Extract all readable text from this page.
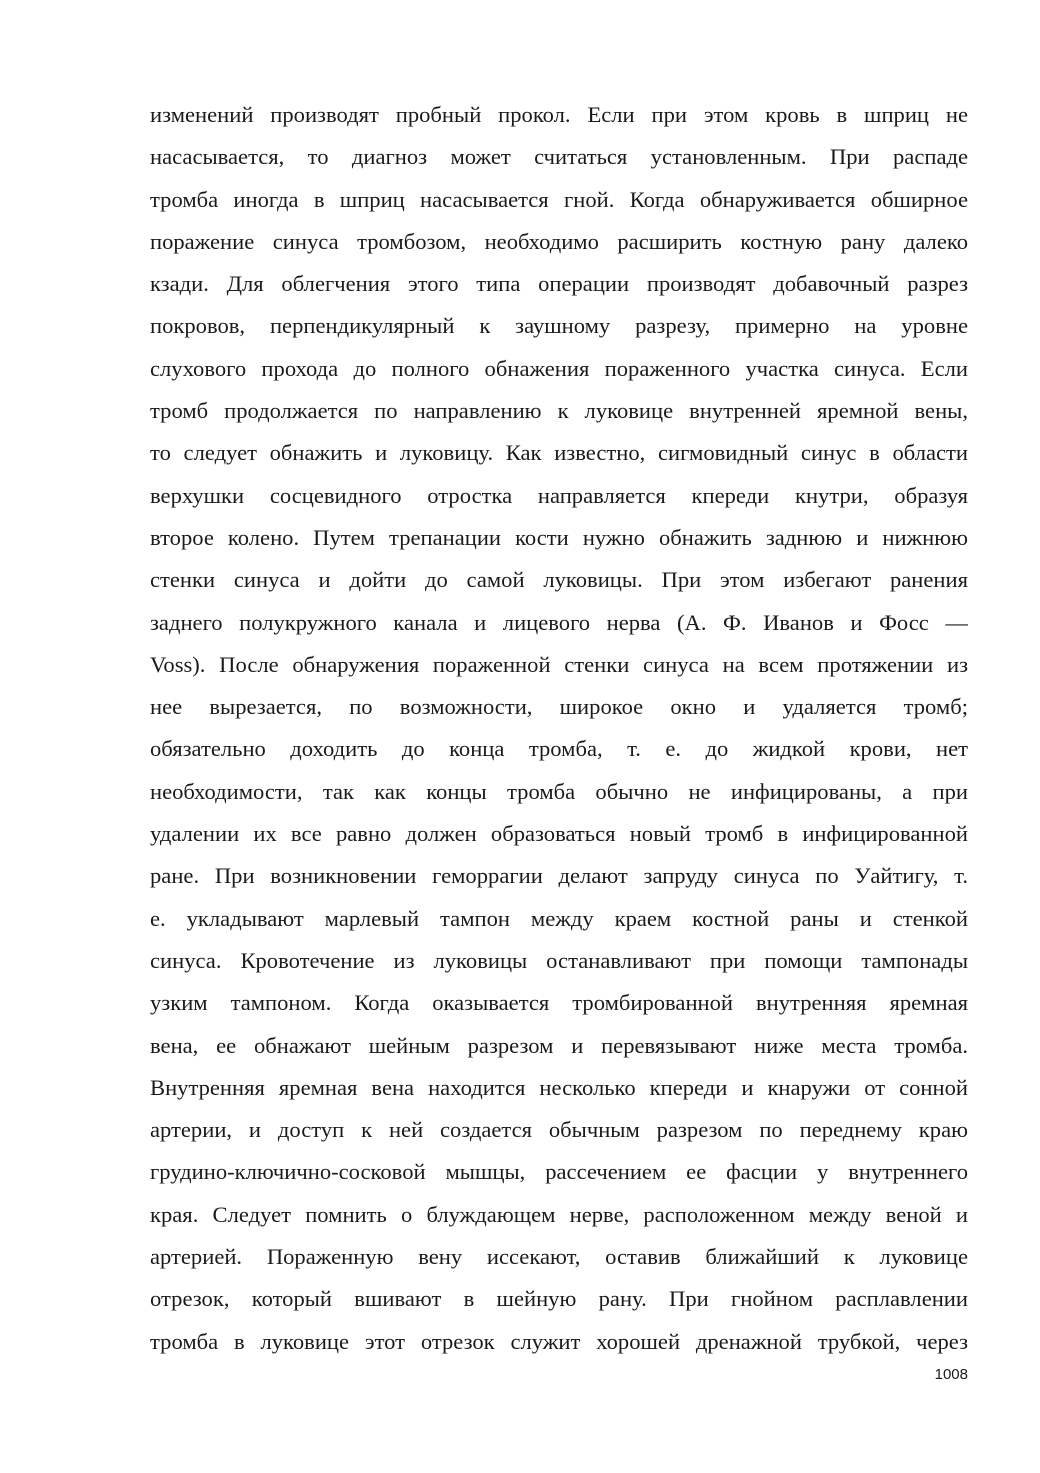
изменений производят пробный прокол. Если при этом кровь в шприц не
насасывается, то диагноз может считаться установленным. При распаде
тромба иногда в шприц насасывается гной. Когда обнаруживается обширное
поражение синуса тромбозом, необходимо расширить костную рану далеко
кзади. Для облегчения этого типа операции производят добавочный разрез
покровов, перпендикулярный к заушному разрезу, примерно на уровне
слухового прохода до полного обнажения пораженного участка синуса. Если
тромб продолжается по направлению к луковице внутренней яремной вены,
то следует обнажить и луковицу. Как известно, сигмовидный синус в области
верхушки сосцевидного отростка направляется кпереди кнутри, образуя
второе колено. Путем трепанации кости нужно обнажить заднюю и нижнюю
стенки синуса и дойти до самой луковицы. При этом избегают ранения
заднего полукружного канала и лицевого нерва (А. Ф. Иванов и Фосс —
Voss). После обнаружения пораженной стенки синуса на всем протяжении из
нее вырезается, по возможности, широкое окно и удаляется тромб;
обязательно доходить до конца тромба, т. е. до жидкой крови, нет
необходимости, так как концы тромба обычно не инфицированы, а при
удалении их все равно должен образоваться новый тромб в инфицированной
ране. При возникновении геморрагии делают запруду синуса по Уайтигу, т.
е. укладывают марлевый тампон между краем костной раны и стенкой
синуса. Кровотечение из луковицы останавливают при помощи тампонады
узким тампоном. Когда оказывается тромбированной внутренняя яремная
вена, ее обнажают шейным разрезом и перевязывают ниже места тромба.
Внутренняя яремная вена находится несколько кпереди и кнаружи от сонной
артерии, и доступ к ней создается обычным разрезом по переднему краю
грудино-ключично-сосковой мышцы, рассечением ее фасции у внутреннего
края. Следует помнить о блуждающем нерве, расположенном между веной и
артерией. Пораженную вену иссекают, оставив ближайший к луковице
отрезок, который вшивают в шейную рану. При гнойном расплавлении
тромба в луковице этот отрезок служит хорошей дренажной трубкой, через

1008
